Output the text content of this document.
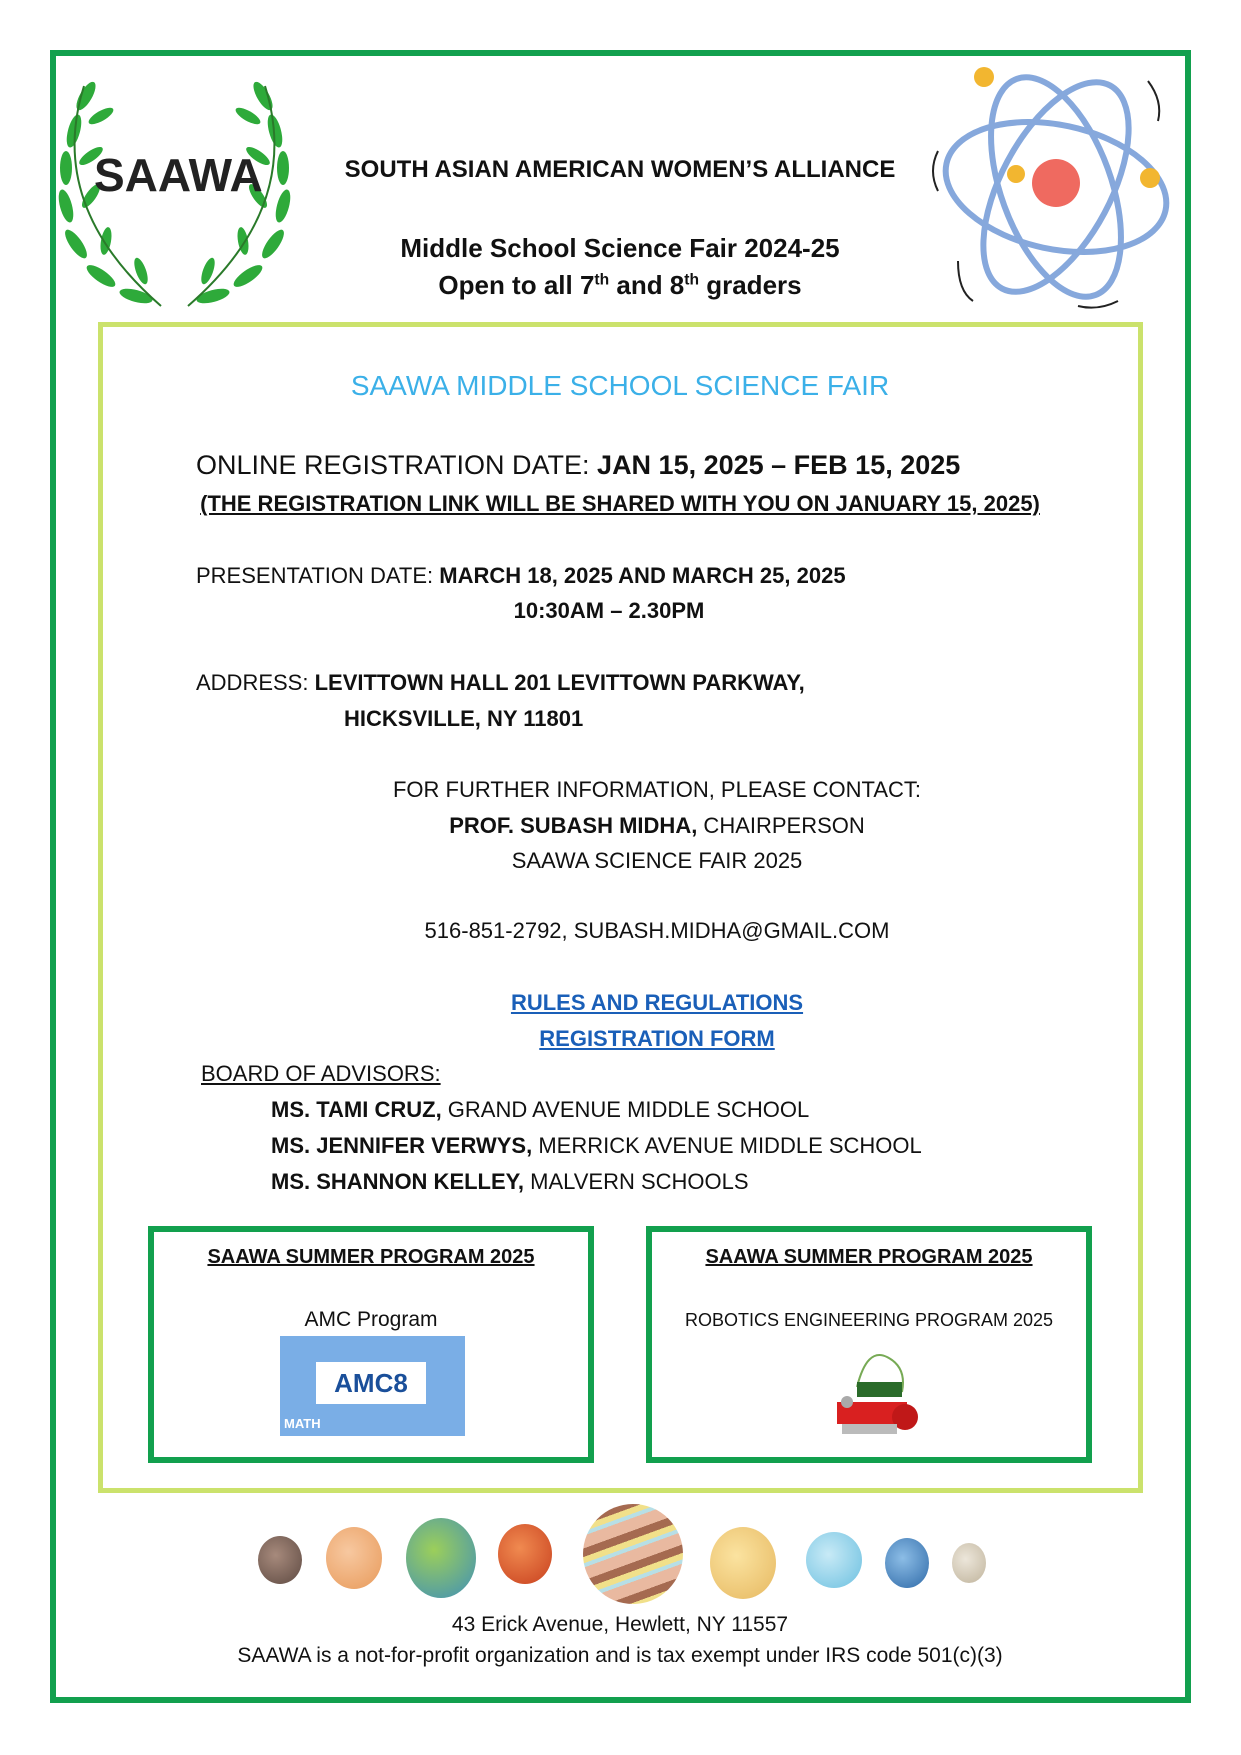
SAAWA	SOUTH ASIAN AMERICAN WOMEN’S ALLIANCE
Middle School Science Fair 2024-25
Open to all 7th and 8th graders
SAAWA MIDDLE SCHOOL SCIENCE FAIR
ONLINE REGISTRATION DATE: JAN 15, 2025 – FEB 15, 2025
(THE REGISTRATION LINK WILL BE SHARED WITH YOU ON JANUARY 15, 2025)
PRESENTATION DATE: MARCH 18, 2025 AND MARCH 25, 2025
10:30AM – 2.30PM
ADDRESS: LEVITTOWN HALL 201 LEVITTOWN PARKWAY,
HICKSVILLE, NY 11801
FOR FURTHER INFORMATION, PLEASE CONTACT:
PROF. SUBASH MIDHA, CHAIRPERSON
SAAWA SCIENCE FAIR 2025
516-851-2792, SUBASH.MIDHA@GMAIL.COM
RULES AND REGULATIONS
REGISTRATION FORM
BOARD OF ADVISORS:
MS. TAMI CRUZ, GRAND AVENUE MIDDLE SCHOOL
MS. JENNIFER VERWYS, MERRICK AVENUE MIDDLE SCHOOL
MS. SHANNON KELLEY, MALVERN SCHOOLS
SAAWA SUMMER PROGRAM 2025
AMC Program
AMC8
MATH
SAAWA SUMMER PROGRAM 2025
ROBOTICS ENGINEERING PROGRAM 2025
43 Erick Avenue, Hewlett, NY 11557
SAAWA is a not-for-profit organization and is tax exempt under IRS code 501(c)(3)
